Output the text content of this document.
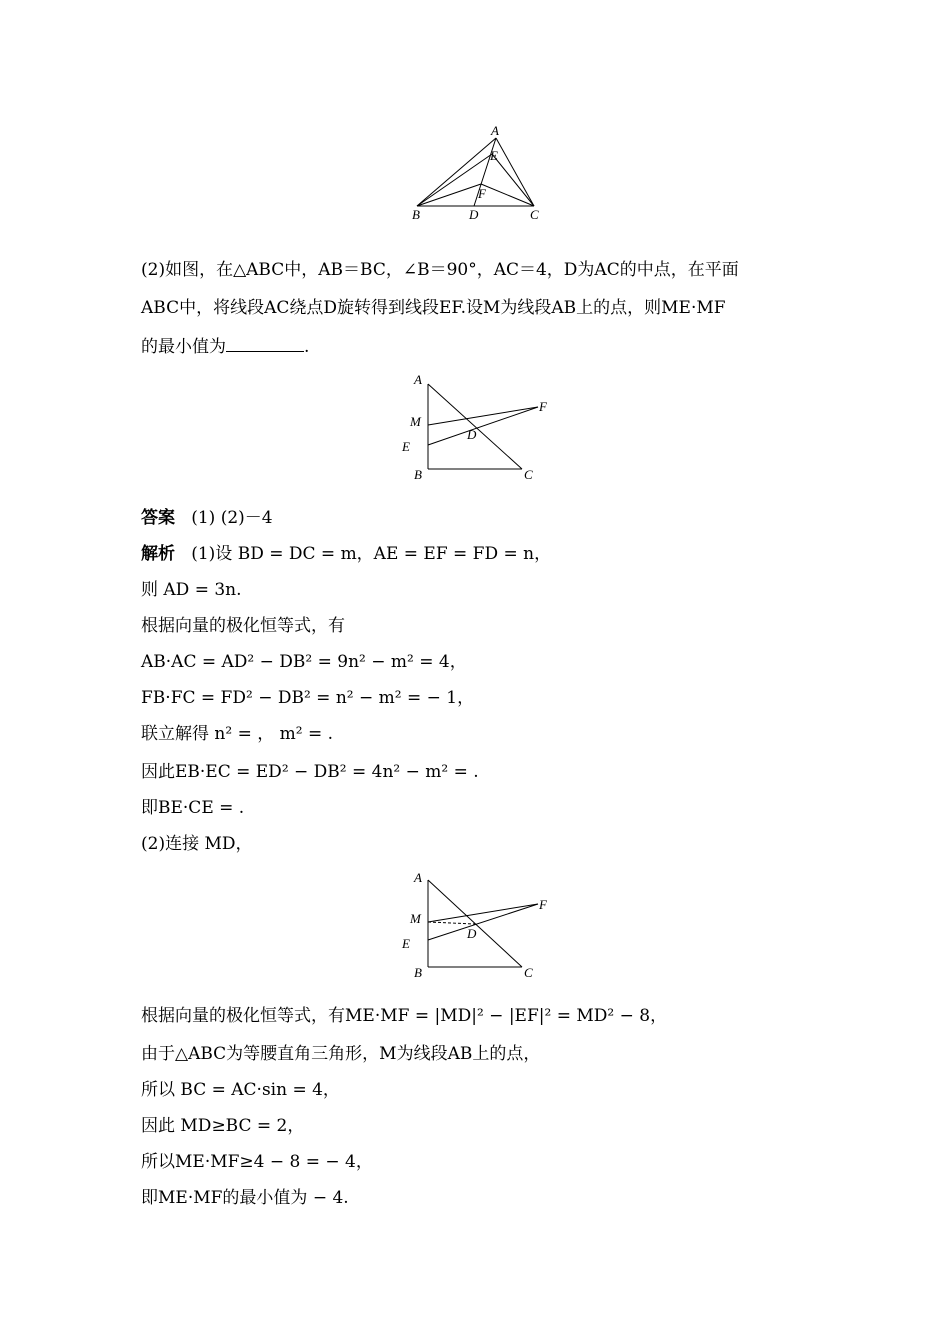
A
E
F
B	D	C
(2)如图，在△ABC中，AB＝BC，∠B＝90°，AC＝4，D为AC的中点，在平面
ABC中，将线段AC绕点D旋转得到线段EF.设M为线段AB上的点，则ME·MF
的最小值为	.
A
M
E
D
F
B	C
答案 (1) (2)－4
解析 (1)设 BD = DC = m，AE = EF = FD = n，
则 AD = 3n.
根据向量的极化恒等式，有
AB·AC = AD² − DB² = 9n² − m² = 4，
FB·FC = FD² − DB² = n² − m² = − 1，
联立解得 n² = ， m² = .
因此EB·EC = ED² − DB² = 4n² − m² = .
即BE·CE = .
(2)连接 MD，
A
M
E
D
F
B	C
根据向量的极化恒等式，有ME·MF = |MD|² − |EF|² = MD² − 8，
由于△ABC为等腰直角三角形，M为线段AB上的点，
所以 BC = AC·sin = 4，
因此 MD≥BC = 2，
所以ME·MF≥4 − 8 = − 4，
即ME·MF的最小值为 − 4.
